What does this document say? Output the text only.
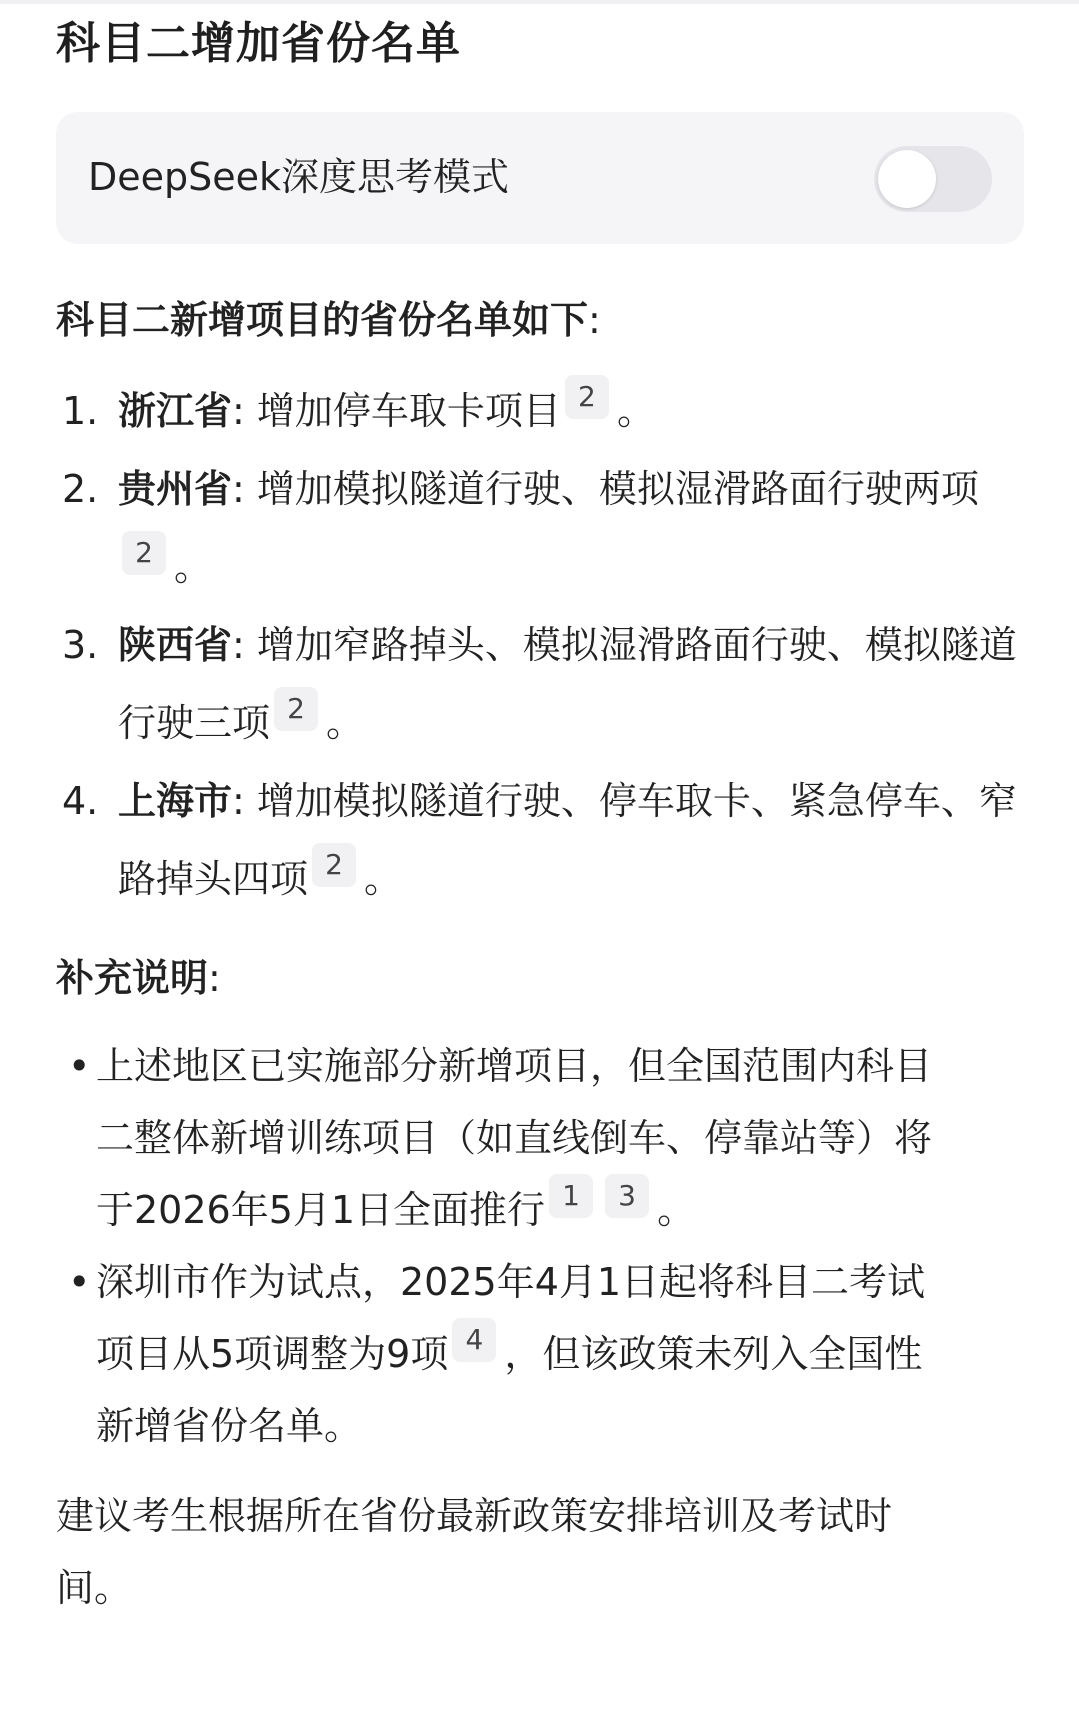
科目二增加省份名单
DeepSeek深度思考模式
科目二新增项目的省份名单如下:
1. 浙江省: 增加停车取卡项目 2 。
2. 贵州省: 增加模拟隧道行驶、模拟湿滑路面行驶两项2 。
3. 陕西省: 增加窄路掉头、模拟湿滑路面行驶、模拟隧道行驶三项 2 。
4. 上海市: 增加模拟隧道行驶、停车取卡、紧急停车、窄路掉头四项 2 。
补充说明:
• 上述地区已实施部分新增项目，但全国范围内科目二整体新增训练项目（如直线倒车、停靠站等）将于2026年5月1日全面推行 1 3 。
• 深圳市作为试点，2025年4月1日起将科目二考试项目从5项调整为9项 4 ，但该政策未列入全国性新增省份名单。
建议考生根据所在省份最新政策安排培训及考试时间。
